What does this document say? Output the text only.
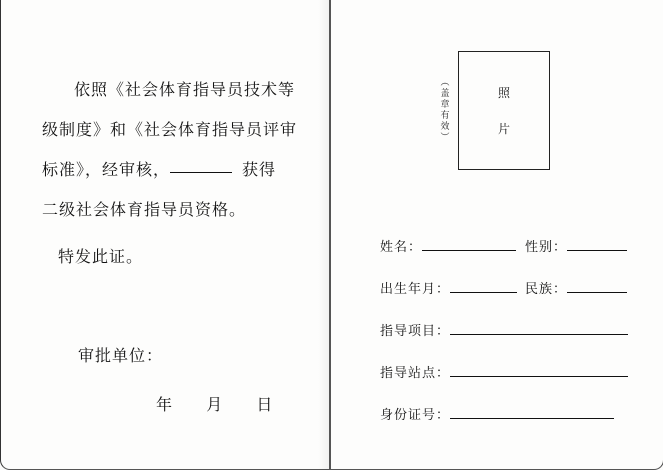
依照《社会体育指导员技术等
级制度》和《社会体育指导员评审
标准》，经审核，	获得
二级社会体育指导员资格。
特发此证。
审批单位：
年 月 日
︵
盖章有效
︶
照
片
姓名：	性别：
出生年月：	民族：
指导项目：
指导站点：
身份证号：
